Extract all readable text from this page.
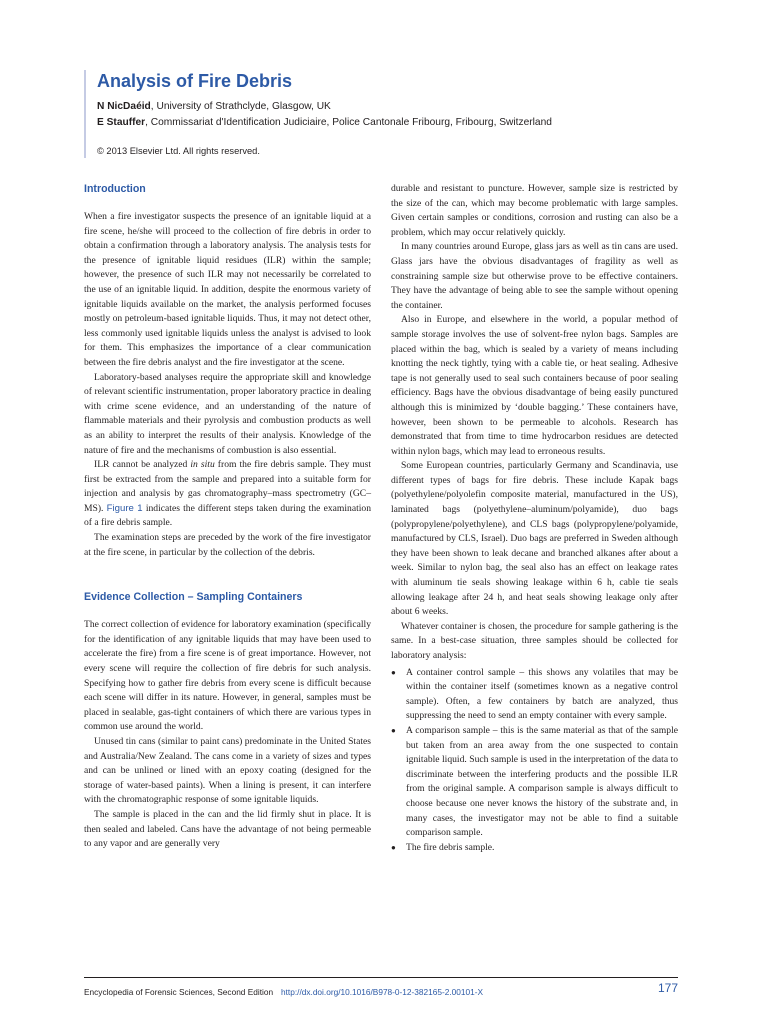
Analysis of Fire Debris

N NicDaéid, University of Strathclyde, Glasgow, UK

E Stauffer, Commissariat d'Identification Judiciaire, Police Cantonale Fribourg, Fribourg, Switzerland

© 2013 Elsevier Ltd. All rights reserved.

Introduction

When a fire investigator suspects the presence of an ignitable liquid at a fire scene, he/she will proceed to the collection of fire debris in order to obtain a confirmation through a laboratory analysis. The analysis tests for the presence of ignitable liquid residues (ILR) within the sample; however, the presence of such ILR may not necessarily be correlated to the use of an ignitable liquid. In addition, despite the enormous variety of ignitable liquids available on the market, the analysis performed focuses mostly on petroleum-based ignitable liquids. Thus, it may not detect other, less commonly used ignitable liquids unless the analyst is advised to look for them. This emphasizes the importance of a clear communication between the fire debris analyst and the fire investigator at the scene.

Laboratory-based analyses require the appropriate skill and knowledge of relevant scientific instrumentation, proper laboratory practice in dealing with crime scene evidence, and an understanding of the nature of flammable materials and their pyrolysis and combustion products as well as an ability to interpret the results of their analysis. Knowledge of the nature of fire and the mechanisms of combustion is also essential.

ILR cannot be analyzed in situ from the fire debris sample. They must first be extracted from the sample and prepared into a suitable form for injection and analysis by gas chromatography–mass spectrometry (GC–MS). Figure 1 indicates the different steps taken during the examination of a fire debris sample.

The examination steps are preceded by the work of the fire investigator at the fire scene, in particular by the collection of the debris.

Evidence Collection – Sampling Containers

The correct collection of evidence for laboratory examination (specifically for the identification of any ignitable liquids that may have been used to accelerate the fire) from a fire scene is of great importance. However, not every scene will require the collection of fire debris for such analysis. Specifying how to gather fire debris from every scene is difficult because each scene will differ in its nature. However, in general, samples must be placed in sealable, gas-tight containers of which there are various types in common use around the world.

Unused tin cans (similar to paint cans) predominate in the United States and Australia/New Zealand. The cans come in a variety of sizes and types and can be unlined or lined with an epoxy coating (designed for the storage of water-based paints). When a lining is present, it can interfere with the chromatographic response of some ignitable liquids.

The sample is placed in the can and the lid firmly shut in place. It is then sealed and labeled. Cans have the advantage of not being permeable to any vapor and are generally very

durable and resistant to puncture. However, sample size is restricted by the size of the can, which may become problematic with large samples. Given certain samples or conditions, corrosion and rusting can also be a problem, which may occur relatively quickly.

In many countries around Europe, glass jars as well as tin cans are used. Glass jars have the obvious disadvantages of fragility as well as constraining sample size but otherwise prove to be effective containers. They have the advantage of being able to see the sample without opening the container.

Also in Europe, and elsewhere in the world, a popular method of sample storage involves the use of solvent-free nylon bags. Samples are placed within the bag, which is sealed by a variety of means including knotting the neck tightly, tying with a cable tie, or heat sealing. Adhesive tape is not generally used to seal such containers because of poor sealing efficiency. Bags have the obvious disadvantage of being easily punctured although this is minimized by ‘double bagging.’ These containers have, however, been shown to be permeable to alcohols. Research has demonstrated that from time to time hydrocarbon residues are detected within nylon bags, which may lead to erroneous results.

Some European countries, particularly Germany and Scandinavia, use different types of bags for fire debris. These include Kapak bags (polyethylene/polyolefin composite material, manufactured in the US), laminated bags (polyethylene–aluminum/polyamide), duo bags (polypropylene/polyethylene), and CLS bags (polypropylene/polyamide, manufactured by CLS, Israel). Duo bags are preferred in Sweden although they have been shown to leak decane and branched alkanes after about a week. Similar to nylon bag, the seal also has an effect on leakage rates with aluminum tie seals showing leakage within 6 h, cable tie seals allowing leakage after 24 h, and heat seals showing leakage only after about 6 weeks.

Whatever container is chosen, the procedure for sample gathering is the same. In a best-case situation, three samples should be collected for laboratory analysis:

● A container control sample – this shows any volatiles that may be within the container itself (sometimes known as a negative control sample). Often, a few containers by batch are analyzed, thus suppressing the need to send an empty container with every sample.
● A comparison sample – this is the same material as that of the sample but taken from an area away from the one suspected to contain ignitable liquid. Such sample is used in the interpretation of the data to discriminate between the interfering products and the possible ILR from the original sample. A comparison sample is always difficult to choose because one never knows the history of the substrate and, in many cases, the investigator may not be able to find a suitable comparison sample.
● The fire debris sample.
Encyclopedia of Forensic Sciences, Second Edition http://dx.doi.org/10.1016/B978-0-12-382165-2.00101-X	177
